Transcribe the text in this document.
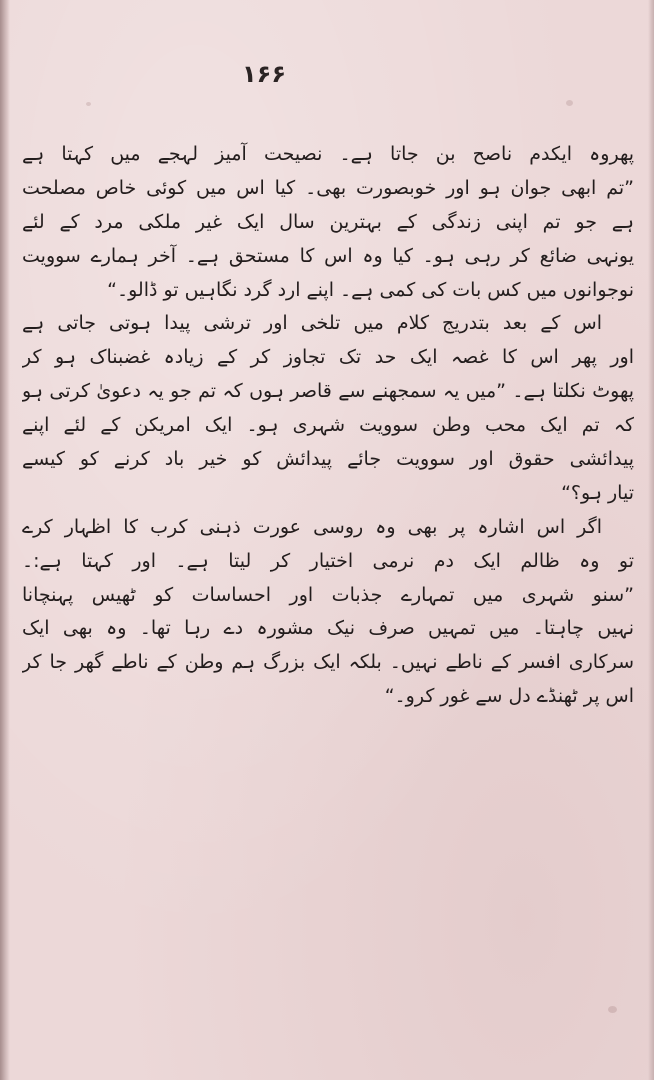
۱۶۶
پھروہ ایکدم ناصح بن جاتا ہے۔ نصیحت آمیز لہجے میں کہتا ہے
”تم ابھی جوان ہو اور خوبصورت بھی۔ کیا اس میں کوئی خاص مصلحت
ہے جو تم اپنی زندگی کے بہترین سال ایک غیر ملکی مرد کے لئے
یونہی ضائع کر رہی ہو۔ کیا وہ اس کا مستحق ہے۔ آخر ہمارے سوویت
نوجوانوں میں کس بات کی کمی ہے۔ اپنے ارد گرد نگاہیں تو ڈالو۔“
اس کے بعد بتدریج کلام میں تلخی اور ترشی پیدا ہوتی جاتی ہے
اور پھر اس کا غصہ ایک حد تک تجاوز کر کے زیادہ غضبناک ہو کر
پھوٹ نکلتا ہے۔ ”میں یہ سمجھنے سے قاصر ہوں کہ تم جو یہ دعویٰ کرتی ہو
کہ تم ایک محب وطن سوویت شہری ہو۔ ایک امریکن کے لئے اپنے
پیدائشی حقوق اور سوویت جائے پیدائش کو خیر باد کرنے کو کیسے
تیار ہو؟“
اگر اس اشارہ پر بھی وہ روسی عورت ذہنی کرب کا اظہار کرے
تو وہ ظالم ایک دم نرمی اختیار کر لیتا ہے۔ اور کہتا ہے:۔
”سنو شہری میں تمہارے جذبات اور احساسات کو ٹھیس پہنچانا
نہیں چاہتا۔ میں تمہیں صرف نیک مشورہ دے رہا تھا۔ وہ بھی ایک
سرکاری افسر کے ناطے نہیں۔ بلکہ ایک بزرگ ہم وطن کے ناطے گھر جا کر
اس پر ٹھنڈے دل سے غور کرو۔“
